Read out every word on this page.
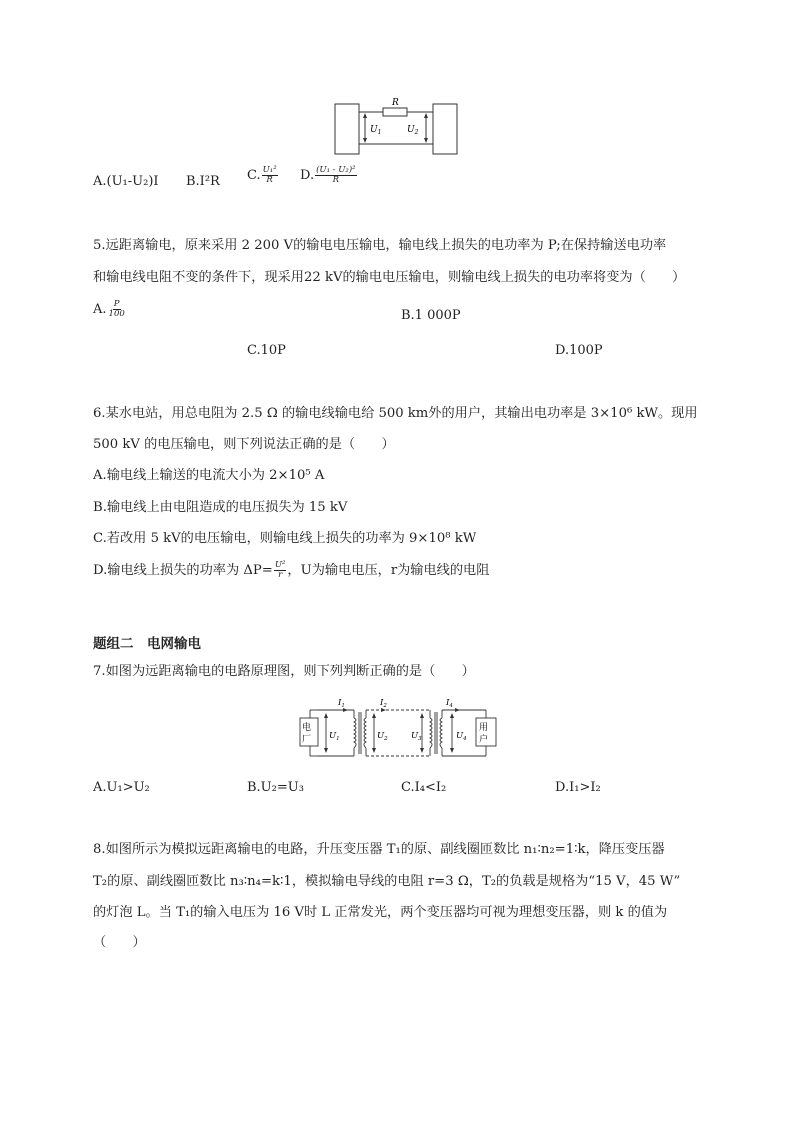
R
$U_1$	$U_2$
A.(U₁-U₂)I B.I²R C. $\frac{\text{U₁²}}{R} D$. $\frac{\text{(U₁ - U₂)²}}{R}$
5.远距离输电，原来采用 2 200 V的输电电压输电，输电线上损失的电功率为 P;在保持输送电功率
和输电线电阻不变的条件下，现采用22 kV的输电电压输电，则输电线上损失的电功率将变为（　　）
A. $\frac{P}{100}$	B.1 000P
C.10P	D.100P
6.某水电站，用总电阻为 2.5 Ω 的输电线输电给 500 km外的用户，其输出电功率是 3×10⁶ kW。现用
500 kV 的电压输电，则下列说法正确的是（　　）
A.输电线上输送的电流大小为 2×10⁵ A
B.输电线上由电阻造成的电压损失为 15 kV
C.若改用 5 kV的电压输电，则输电线上损失的功率为 9×10⁸ kW
D.输电线上损失的功率为 $\Delta P= \frac{\text{U²}}{r}$ ，U为输电电压，r为输电线的电阻
题组二　电网输电
7.如图为远距离输电的电路原理图，则下列判断正确的是（　　）
电
厂
用
户
$I_1$	$I_2$	$I_4$
$U_1$	$U_2$	$U_3$	$U_4$
A.U₁>U₂	B.U₂=U₃	C.I₄<I₂	D.I₁>I₂
8.如图所示为模拟远距离输电的电路，升压变压器 T₁的原、副线圈匝数比 n₁∶n₂=1∶k，降压变压器
T₂的原、副线圈匝数比 n₃∶n₄=k∶1，模拟输电导线的电阻 r=3 Ω，T₂的负载是规格为“15 V，45 W”
的灯泡 L。当 T₁的输入电压为 16 V时 L 正常发光，两个变压器均可视为理想变压器，则 k 的值为
（　　）
